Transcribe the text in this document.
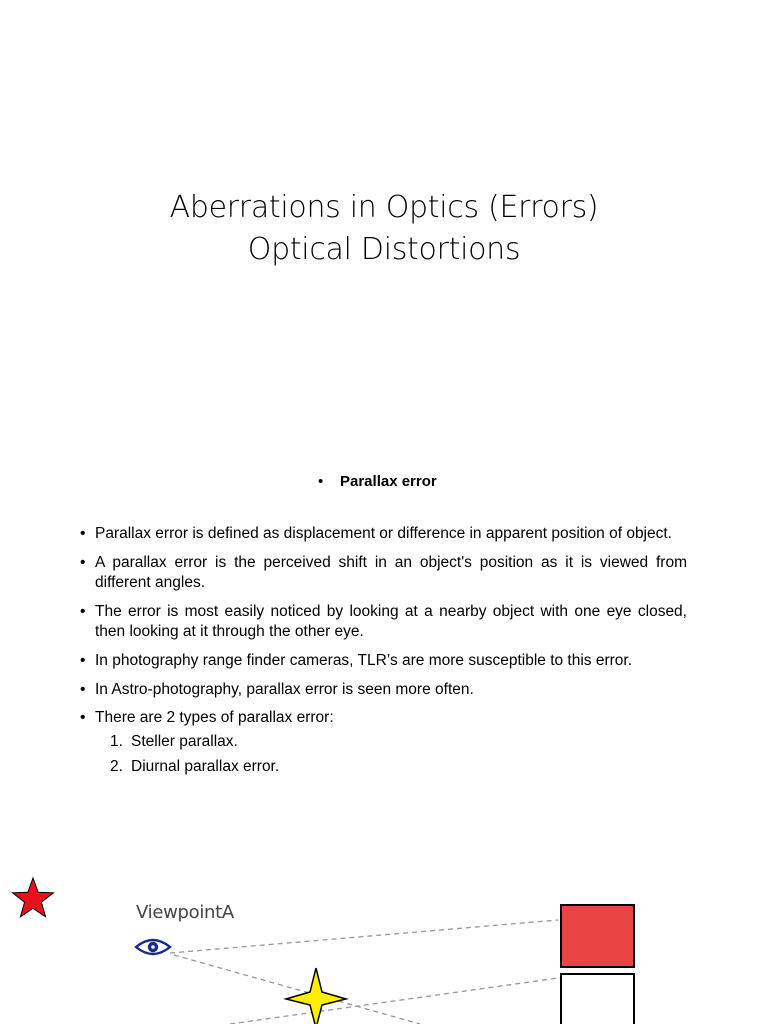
Aberrations in Optics (Errors)
Optical Distortions
• Parallax error
• Parallax error is defined as displacement or difference in apparent position of object.
• A parallax error is the perceived shift in an object's position as it is viewed from different angles.
• The error is most easily noticed by looking at a nearby object with one eye closed, then looking at it through the other eye.
• In photography range finder cameras, TLR’s are more susceptible to this error.
• In Astro-photography, parallax error is seen more often.
• There are 2 types of parallax error:
1. Steller parallax.
2. Diurnal parallax error.
ViewpointA
